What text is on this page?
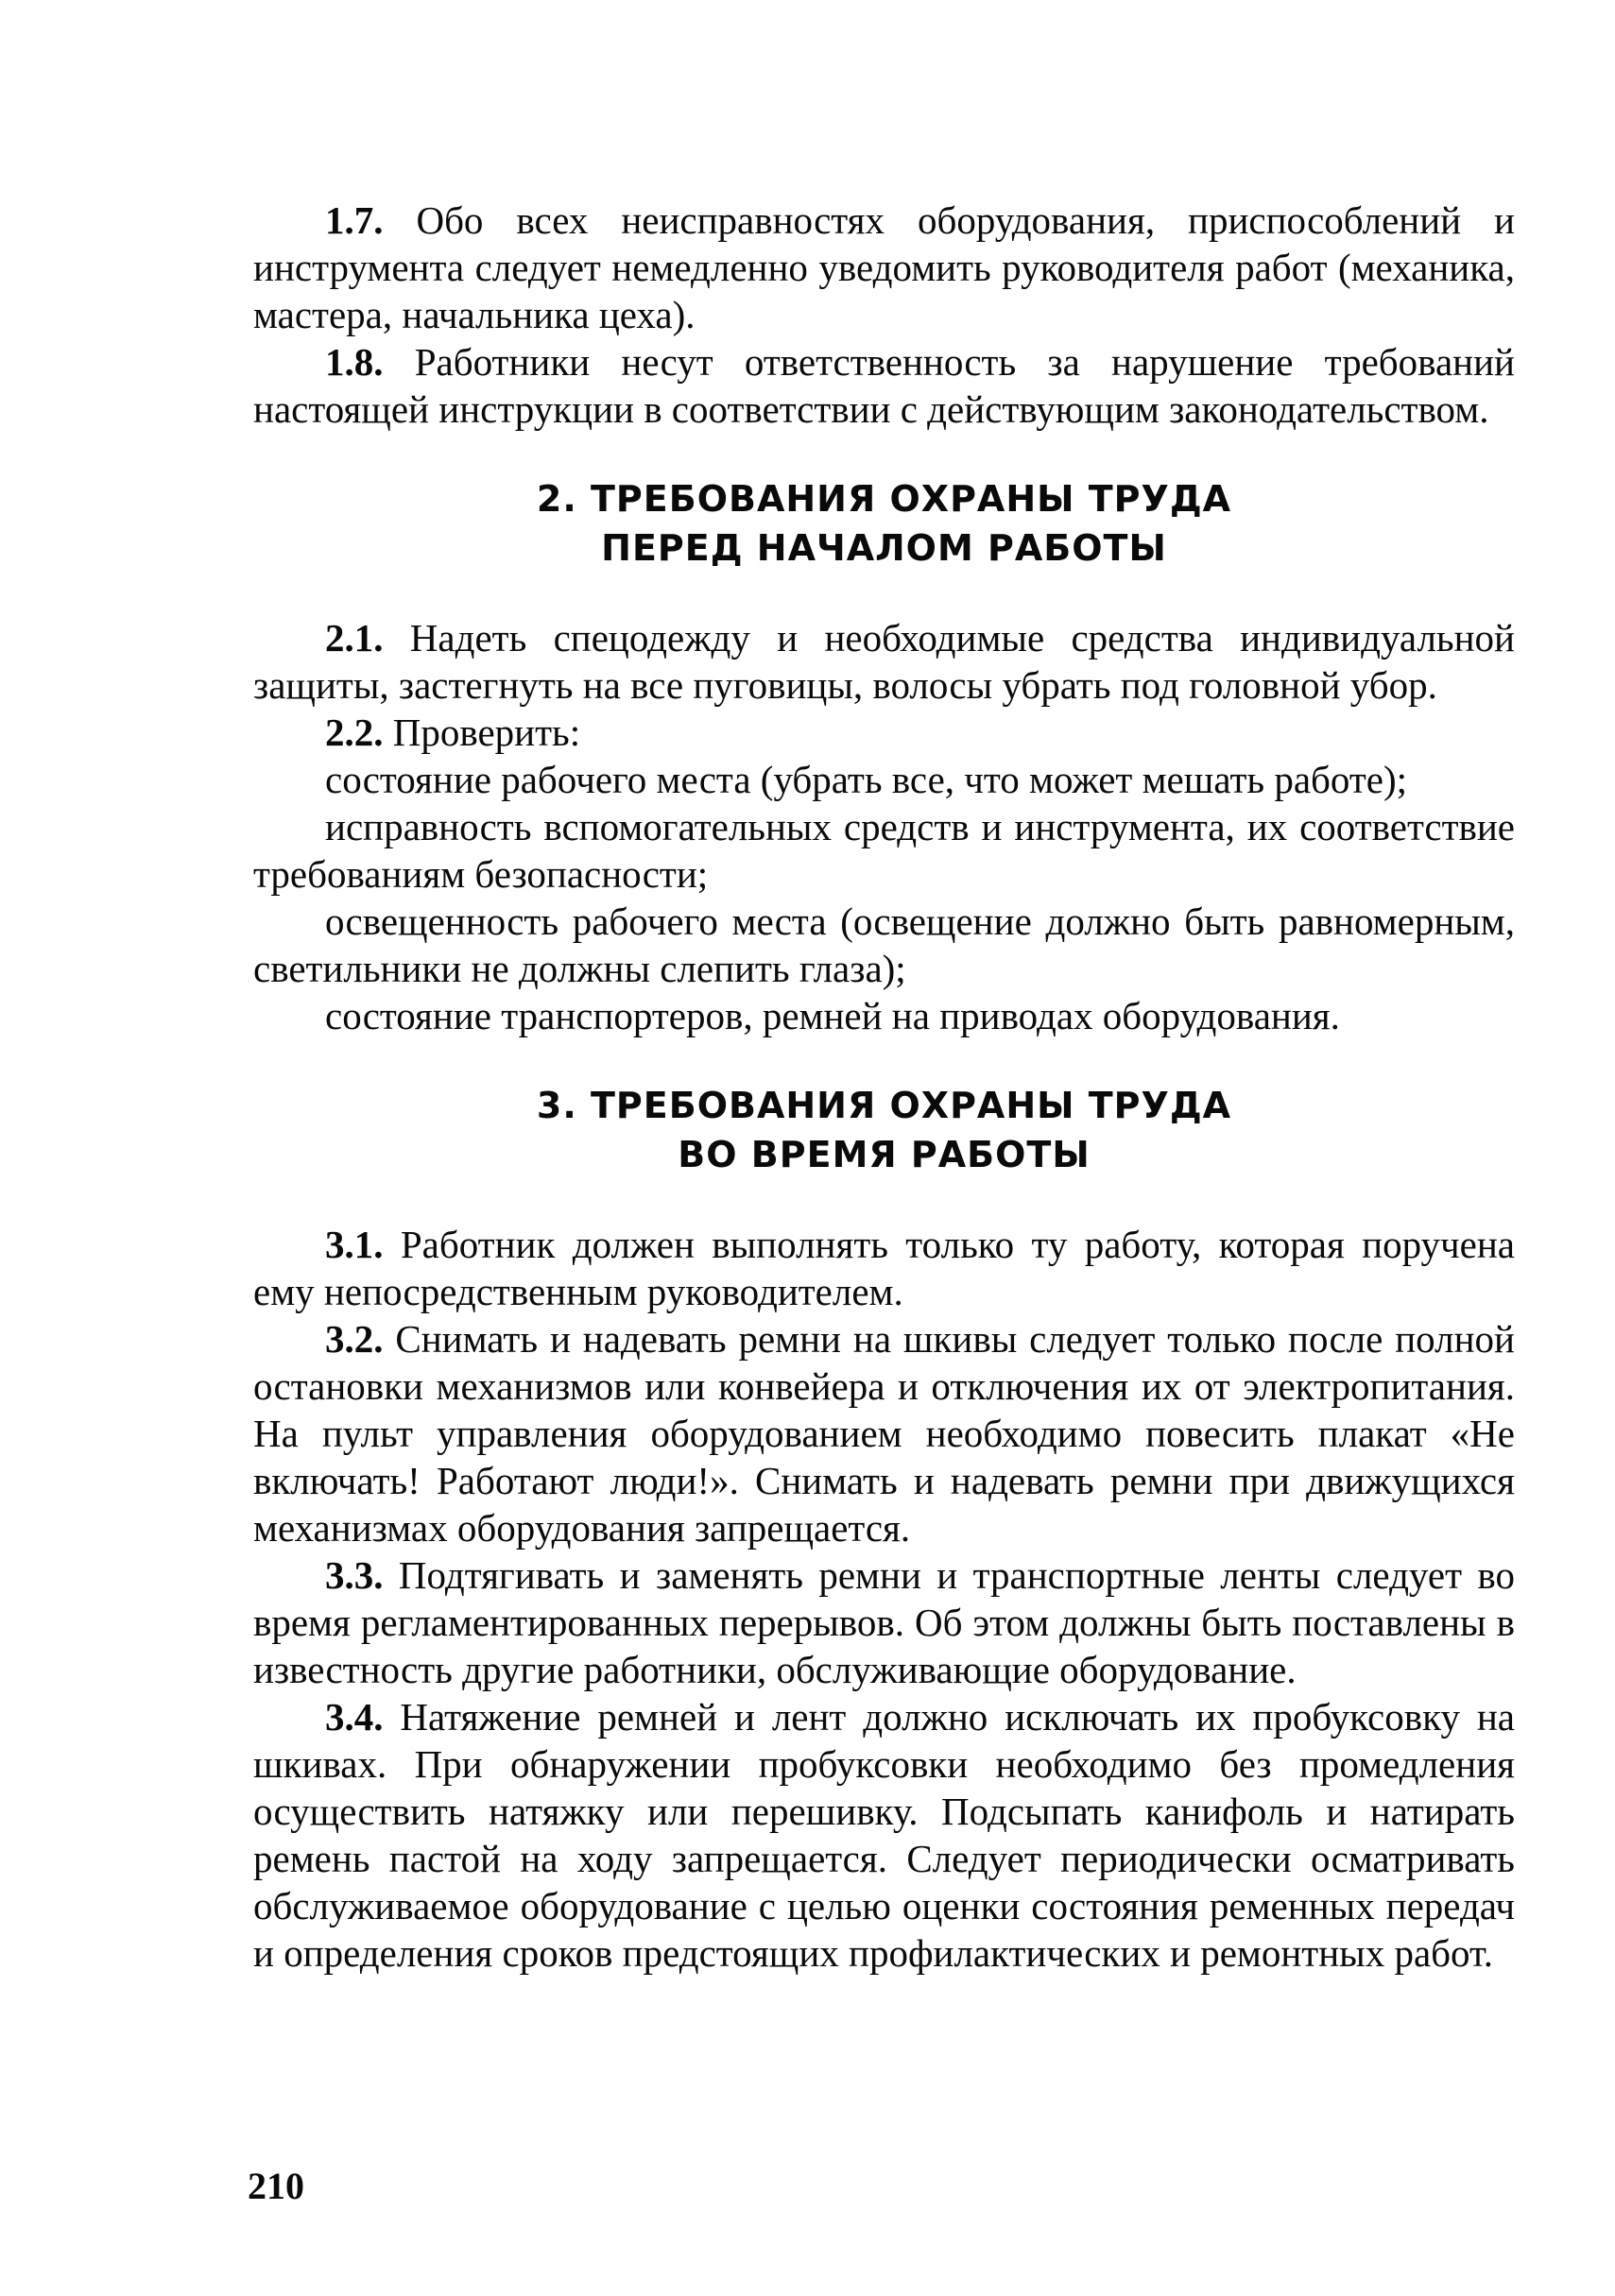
1.7. Обо всех неисправностях оборудования, приспособлений и инструмента следует немедленно уведомить руководителя работ (механика, мастера, начальника цеха).

1.8. Работники несут ответственность за нарушение требований настоящей инструкции в соответствии с действующим законодательством.

2. ТРЕБОВАНИЯ ОХРАНЫ ТРУДА

ПЕРЕД НАЧАЛОМ РАБОТЫ

2.1. Надеть спецодежду и необходимые средства индивидуальной защиты, застегнуть на все пуговицы, волосы убрать под головной убор.

2.2. Проверить:

состояние рабочего места (убрать все, что может мешать работе);

исправность вспомогательных средств и инструмента, их соответствие требованиям безопасности;

освещенность рабочего места (освещение должно быть равномерным, светильники не должны слепить глаза);

состояние транспортеров, ремней на приводах оборудования.

3. ТРЕБОВАНИЯ ОХРАНЫ ТРУДА

ВО ВРЕМЯ РАБОТЫ

3.1. Работник должен выполнять только ту работу, которая поручена ему непосредственным руководителем.

3.2. Снимать и надевать ремни на шкивы следует только после полной остановки механизмов или конвейера и отключения их от электропитания. На пульт управления оборудованием необходимо повесить плакат «Не включать! Работают люди!». Снимать и надевать ремни при движущихся механизмах оборудования запрещается.

3.3. Подтягивать и заменять ремни и транспортные ленты следует во время регламентированных перерывов. Об этом должны быть поставлены в известность другие работники, обслуживающие оборудование.

3.4. Натяжение ремней и лент должно исключать их пробуксовку на шкивах. При обнаружении пробуксовки необходимо без промедления осуществить натяжку или перешивку. Подсыпать канифоль и натирать ремень пастой на ходу запрещается. Следует периодически осматривать обслуживаемое оборудование с целью оценки состояния ременных передач и определения сроков предстоящих профилактических и ремонтных работ.

210
